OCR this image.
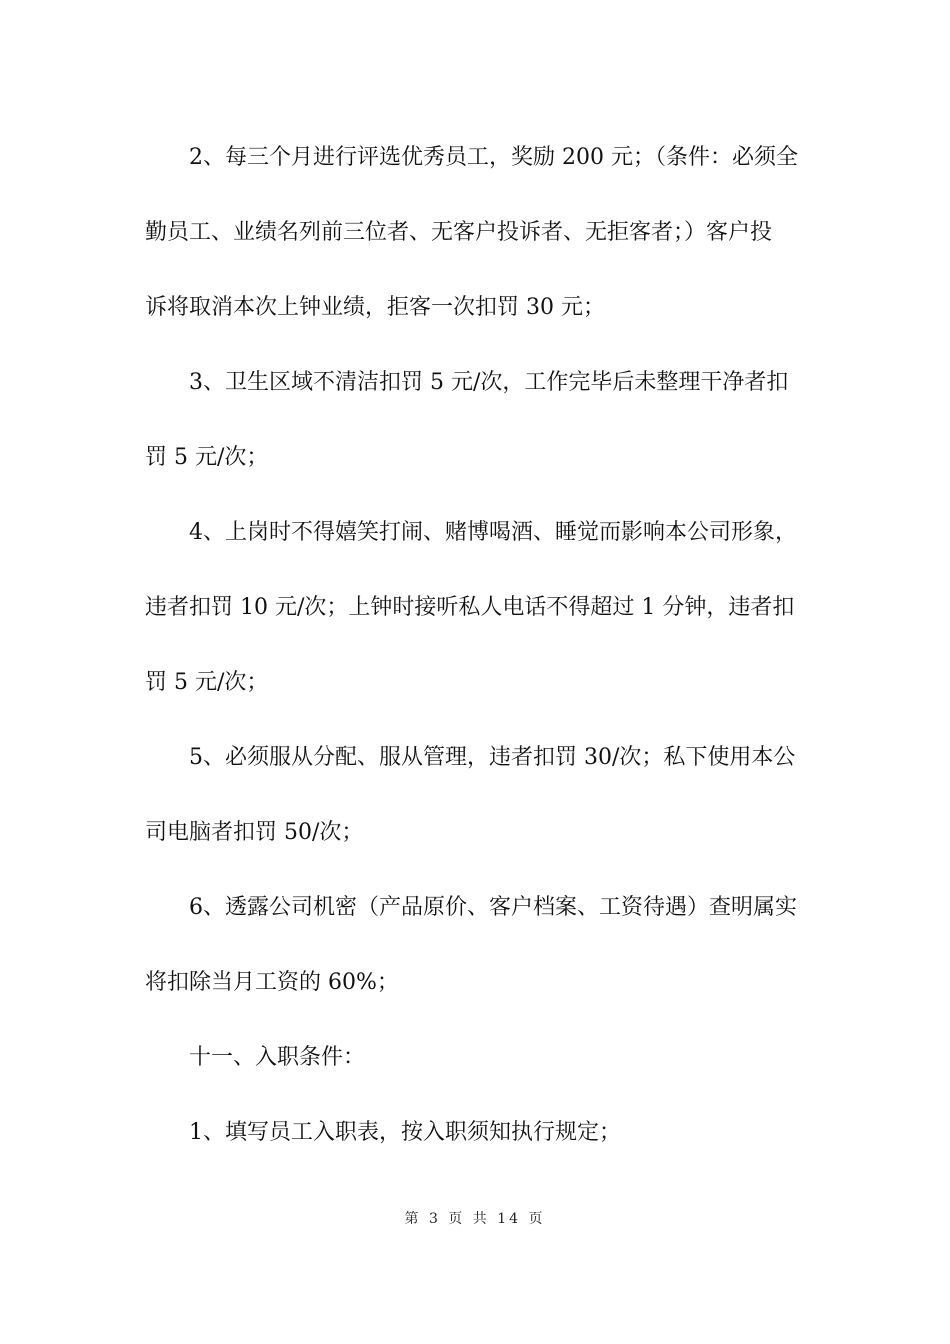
2、每三个月进行评选优秀员工，奖励 200 元；（条件：必须全
勤员工、业绩名列前三位者、无客户投诉者、无拒客者；）客户投
诉将取消本次上钟业绩，拒客一次扣罚 30 元；
3、卫生区域不清洁扣罚 5 元/次，工作完毕后未整理干净者扣
罚 5 元/次；
4、上岗时不得嬉笑打闹、赌博喝酒、睡觉而影响本公司形象，
违者扣罚 10 元/次；上钟时接听私人电话不得超过 1 分钟，违者扣
罚 5 元/次；
5、必须服从分配、服从管理，违者扣罚 30/次；私下使用本公
司电脑者扣罚 50/次；
6、透露公司机密（产品原价、客户档案、工资待遇）查明属实
将扣除当月工资的 60%；
十一、入职条件：
1、填写员工入职表，按入职须知执行规定；
第 3 页 共 14 页
